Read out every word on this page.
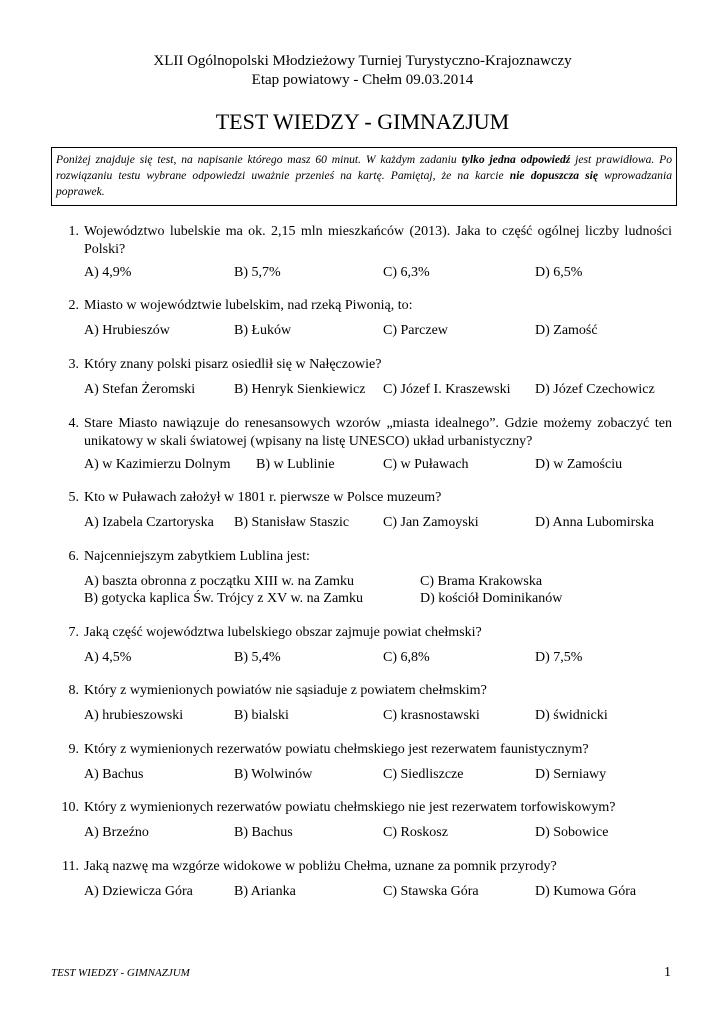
XLII Ogólnopolski Młodzieżowy Turniej Turystyczno-Krajoznawczy
Etap powiatowy - Chełm 09.03.2014
TEST WIEDZY - GIMNAZJUM
Poniżej znajduje się test, na napisanie którego masz 60 minut. W każdym zadaniu tylko jedna odpowiedź jest prawidłowa. Po rozwiązaniu testu wybrane odpowiedzi uważnie przenieś na kartę. Pamiętaj, że na karcie nie dopuszcza się wprowadzania poprawek.
1. Województwo lubelskie ma ok. 2,15 mln mieszkańców (2013). Jaka to część ogólnej liczby ludności Polski?
A) 4,9%	B) 5,7%	C) 6,3%	D) 6,5%
2. Miasto w województwie lubelskim, nad rzeką Piwonią, to:
A) Hrubieszów	B) Łuków	C) Parczew	D) Zamość
3. Który znany polski pisarz osiedlił się w Nałęczowie?
A) Stefan Żeromski	B) Henryk Sienkiewicz C) Józef I. Kraszewski D) Józef Czechowicz
4. Stare Miasto nawiązuje do renesansowych wzorów „miasta idealnego”. Gdzie możemy zobaczyć ten unikatowy w skali światowej (wpisany na listę UNESCO) układ urbanistyczny?
A) w Kazimierzu Dolnym B) w Lublinie	C) w Puławach	D) w Zamościu
5. Kto w Puławach założył w 1801 r. pierwsze w Polsce muzeum?
A) Izabela Czartoryska B) Stanisław Staszic C) Jan Zamoyski	D) Anna Lubomirska
6. Najcenniejszym zabytkiem Lublina jest:
A) baszta obronna z początku XIII w. na Zamku
B) gotycka kaplica Św. Trójcy z XV w. na Zamku
C) Brama Krakowska
D) kościół Dominikanów
7. Jaką część województwa lubelskiego obszar zajmuje powiat chełmski?
A) 4,5%	B) 5,4%	C) 6,8%	D) 7,5%
8. Który z wymienionych powiatów nie sąsiaduje z powiatem chełmskim?
A) hrubieszowski	B) bialski	C) krasnostawski	D) świdnicki
9. Który z wymienionych rezerwatów powiatu chełmskiego jest rezerwatem faunistycznym?
A) Bachus	B) Wolwinów	C) Siedliszcze	D) Serniawy
10. Który z wymienionych rezerwatów powiatu chełmskiego nie jest rezerwatem torfowiskowym?
A) Brzeźno	B) Bachus	C) Roskosz	D) Sobowice
11. Jaką nazwę ma wzgórze widokowe w pobliżu Chełma, uznane za pomnik przyrody?
A) Dziewicza Góra	B) Arianka	C) Stawska Góra	D) Kumowa Góra
TEST WIEDZY - GIMNAZJUM	1
